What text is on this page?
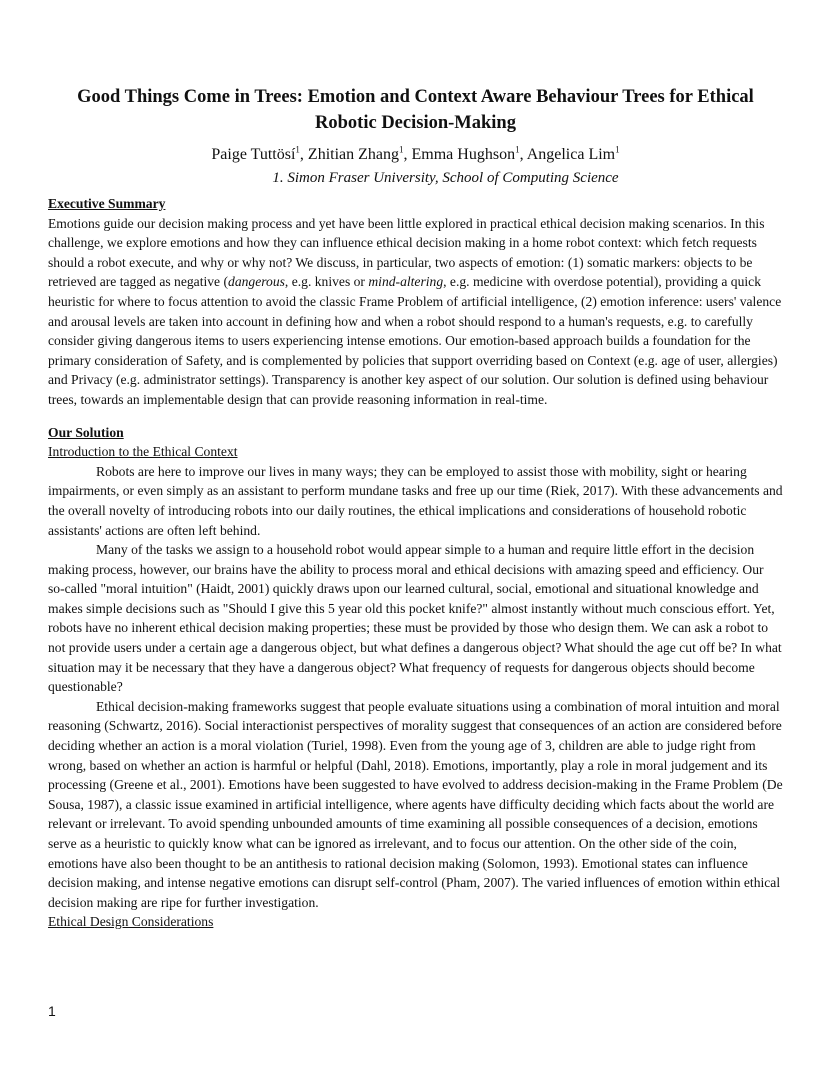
Good Things Come in Trees: Emotion and Context Aware Behaviour Trees for Ethical
Robotic Decision-Making
Paige Tuttösí$^1$, Zhitian Zhang$^1$, Emma Hughson$^1$, Angelica Lim$^1$
1. Simon Fraser University, School of Computing Science
Executive Summary

Emotions guide our decision making process and yet have been little explored in practical ethical decision making scenarios. In this challenge, we explore emotions and how they can influence ethical decision making in a home robot context: which fetch requests should a robot execute, and why or why not? We discuss, in particular, two aspects of emotion: (1) somatic markers: objects to be retrieved are tagged as negative (dangerous, e.g. knives or mind-altering, e.g. medicine with overdose potential), providing a quick heuristic for where to focus attention to avoid the classic Frame Problem of artificial intelligence, (2) emotion inference: users' valence and arousal levels are taken into account in defining how and when a robot should respond to a human's requests, e.g. to carefully consider giving dangerous items to users experiencing intense emotions. Our emotion-based approach builds a foundation for the primary consideration of Safety, and is complemented by policies that support overriding based on Context (e.g. age of user, allergies) and Privacy (e.g. administrator settings). Transparency is another key aspect of our solution. Our solution is defined using behaviour trees, towards an implementable design that can provide reasoning information in real-time.

Our Solution
Introduction to the Ethical Context

Robots are here to improve our lives in many ways; they can be employed to assist those with mobility, sight or hearing impairments, or even simply as an assistant to perform mundane tasks and free up our time (Riek, 2017). With these advancements and the overall novelty of introducing robots into our daily routines, the ethical implications and considerations of household robotic assistants' actions are often left behind.

Many of the tasks we assign to a household robot would appear simple to a human and require little effort in the decision making process, however, our brains have the ability to process moral and ethical decisions with amazing speed and efficiency. Our so-called "moral intuition" (Haidt, 2001) quickly draws upon our learned cultural, social, emotional and situational knowledge and makes simple decisions such as "Should I give this 5 year old this pocket knife?" almost instantly without much conscious effort. Yet, robots have no inherent ethical decision making properties; these must be provided by those who design them. We can ask a robot to not provide users under a certain age a dangerous object, but what defines a dangerous object? What should the age cut off be? In what situation may it be necessary that they have a dangerous object? What frequency of requests for dangerous objects should become questionable?

Ethical decision-making frameworks suggest that people evaluate situations using a combination of moral intuition and moral reasoning (Schwartz, 2016). Social interactionist perspectives of morality suggest that consequences of an action are considered before deciding whether an action is a moral violation (Turiel, 1998). Even from the young age of 3, children are able to judge right from wrong, based on whether an action is harmful or helpful (Dahl, 2018). Emotions, importantly, play a role in moral judgement and its processing (Greene et al., 2001). Emotions have been suggested to have evolved to address decision-making in the Frame Problem (De Sousa, 1987), a classic issue examined in artificial intelligence, where agents have difficulty deciding which facts about the world are relevant or irrelevant. To avoid spending unbounded amounts of time examining all possible consequences of a decision, emotions serve as a heuristic to quickly know what can be ignored as irrelevant, and to focus our attention. On the other side of the coin, emotions have also been thought to be an antithesis to rational decision making (Solomon, 1993). Emotional states can influence decision making, and intense negative emotions can disrupt self-control (Pham, 2007). The varied influences of emotion within ethical decision making are ripe for further investigation.

Ethical Design Considerations
1
